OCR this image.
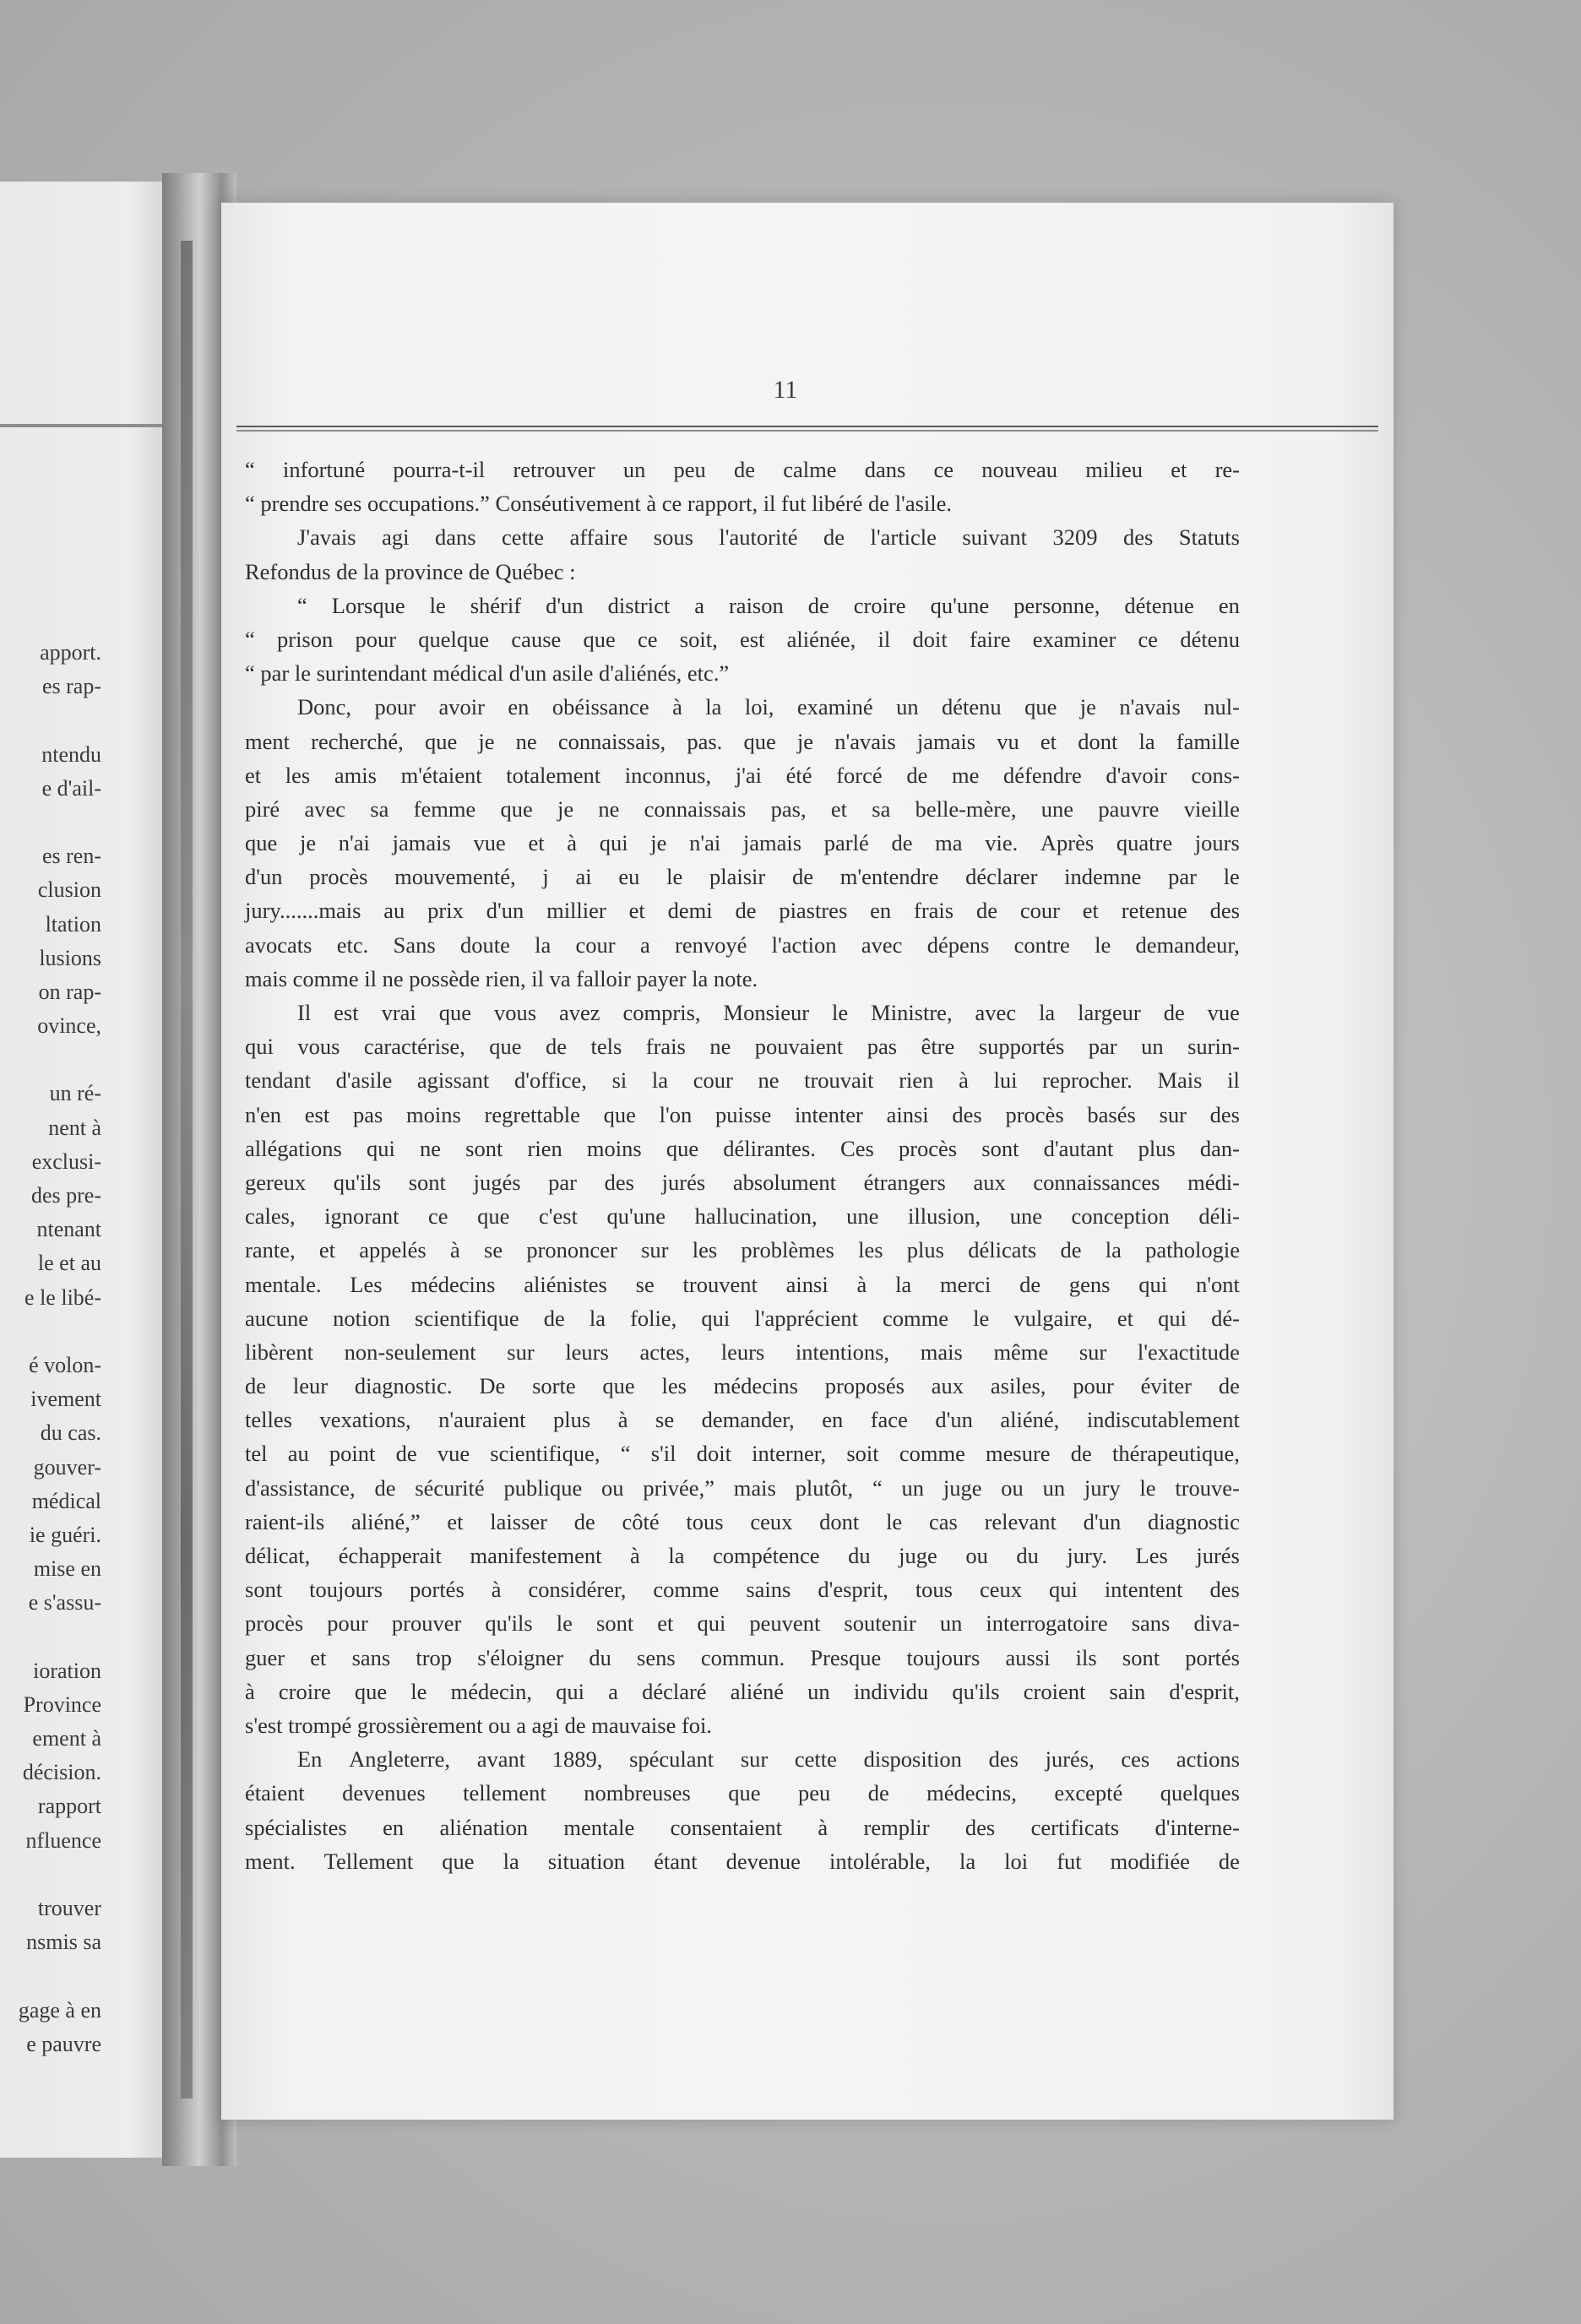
apport.
es rap-
ntendu
e d'ail-
es ren-
clusion
ltation
lusions
on rap-
ovince,
un ré-
nent à
exclusi-
des pre-
ntenant
le et au
e le libé-
é volon-
ivement
du cas.
gouver-
médical
ie guéri.
mise en
e s'assu-
ioration
Province
ement à
décision.
rapport
nfluence
trouver
nsmis sa
gage à en
e pauvre
11
“ infortuné pourra-t-il retrouver un peu de calme dans ce nouveau milieu et re-
“ prendre ses occupations.” Conséutivement à ce rapport, il fut libéré de l'asile.
J'avais agi dans cette affaire sous l'autorité de l'article suivant 3209 des Statuts
Refondus de la province de Québec :
“ Lorsque le shérif d'un district a raison de croire qu'une personne, détenue en
“ prison pour quelque cause que ce soit, est aliénée, il doit faire examiner ce détenu
“ par le surintendant médical d'un asile d'aliénés, etc.”
Donc, pour avoir en obéissance à la loi, examiné un détenu que je n'avais nul-
ment recherché, que je ne connaissais, pas. que je n'avais jamais vu et dont la famille
et les amis m'étaient totalement inconnus, j'ai été forcé de me défendre d'avoir cons-
piré avec sa femme que je ne connaissais pas, et sa belle-mère, une pauvre vieille
que je n'ai jamais vue et à qui je n'ai jamais parlé de ma vie. Après quatre jours
d'un procès mouvementé, j ai eu le plaisir de m'entendre déclarer indemne par le
jury.......mais au prix d'un millier et demi de piastres en frais de cour et retenue des
avocats etc. Sans doute la cour a renvoyé l'action avec dépens contre le demandeur,
mais comme il ne possède rien, il va falloir payer la note.
Il est vrai que vous avez compris, Monsieur le Ministre, avec la largeur de vue
qui vous caractérise, que de tels frais ne pouvaient pas être supportés par un surin-
tendant d'asile agissant d'office, si la cour ne trouvait rien à lui reprocher. Mais il
n'en est pas moins regrettable que l'on puisse intenter ainsi des procès basés sur des
allégations qui ne sont rien moins que délirantes. Ces procès sont d'autant plus dan-
gereux qu'ils sont jugés par des jurés absolument étrangers aux connaissances médi-
cales, ignorant ce que c'est qu'une hallucination, une illusion, une conception déli-
rante, et appelés à se prononcer sur les problèmes les plus délicats de la pathologie
mentale. Les médecins aliénistes se trouvent ainsi à la merci de gens qui n'ont
aucune notion scientifique de la folie, qui l'apprécient comme le vulgaire, et qui dé-
libèrent non-seulement sur leurs actes, leurs intentions, mais même sur l'exactitude
de leur diagnostic. De sorte que les médecins proposés aux asiles, pour éviter de
telles vexations, n'auraient plus à se demander, en face d'un aliéné, indiscutablement
tel au point de vue scientifique, “ s'il doit interner, soit comme mesure de thérapeutique,
d'assistance, de sécurité publique ou privée,” mais plutôt, “ un juge ou un jury le trouve-
raient-ils aliéné,” et laisser de côté tous ceux dont le cas relevant d'un diagnostic
délicat, échapperait manifestement à la compétence du juge ou du jury. Les jurés
sont toujours portés à considérer, comme sains d'esprit, tous ceux qui intentent des
procès pour prouver qu'ils le sont et qui peuvent soutenir un interrogatoire sans diva-
guer et sans trop s'éloigner du sens commun. Presque toujours aussi ils sont portés
à croire que le médecin, qui a déclaré aliéné un individu qu'ils croient sain d'esprit,
s'est trompé grossièrement ou a agi de mauvaise foi.
En Angleterre, avant 1889, spéculant sur cette disposition des jurés, ces actions
étaient devenues tellement nombreuses que peu de médecins, excepté quelques
spécialistes en aliénation mentale consentaient à remplir des certificats d'interne-
ment. Tellement que la situation étant devenue intolérable, la loi fut modifiée de
